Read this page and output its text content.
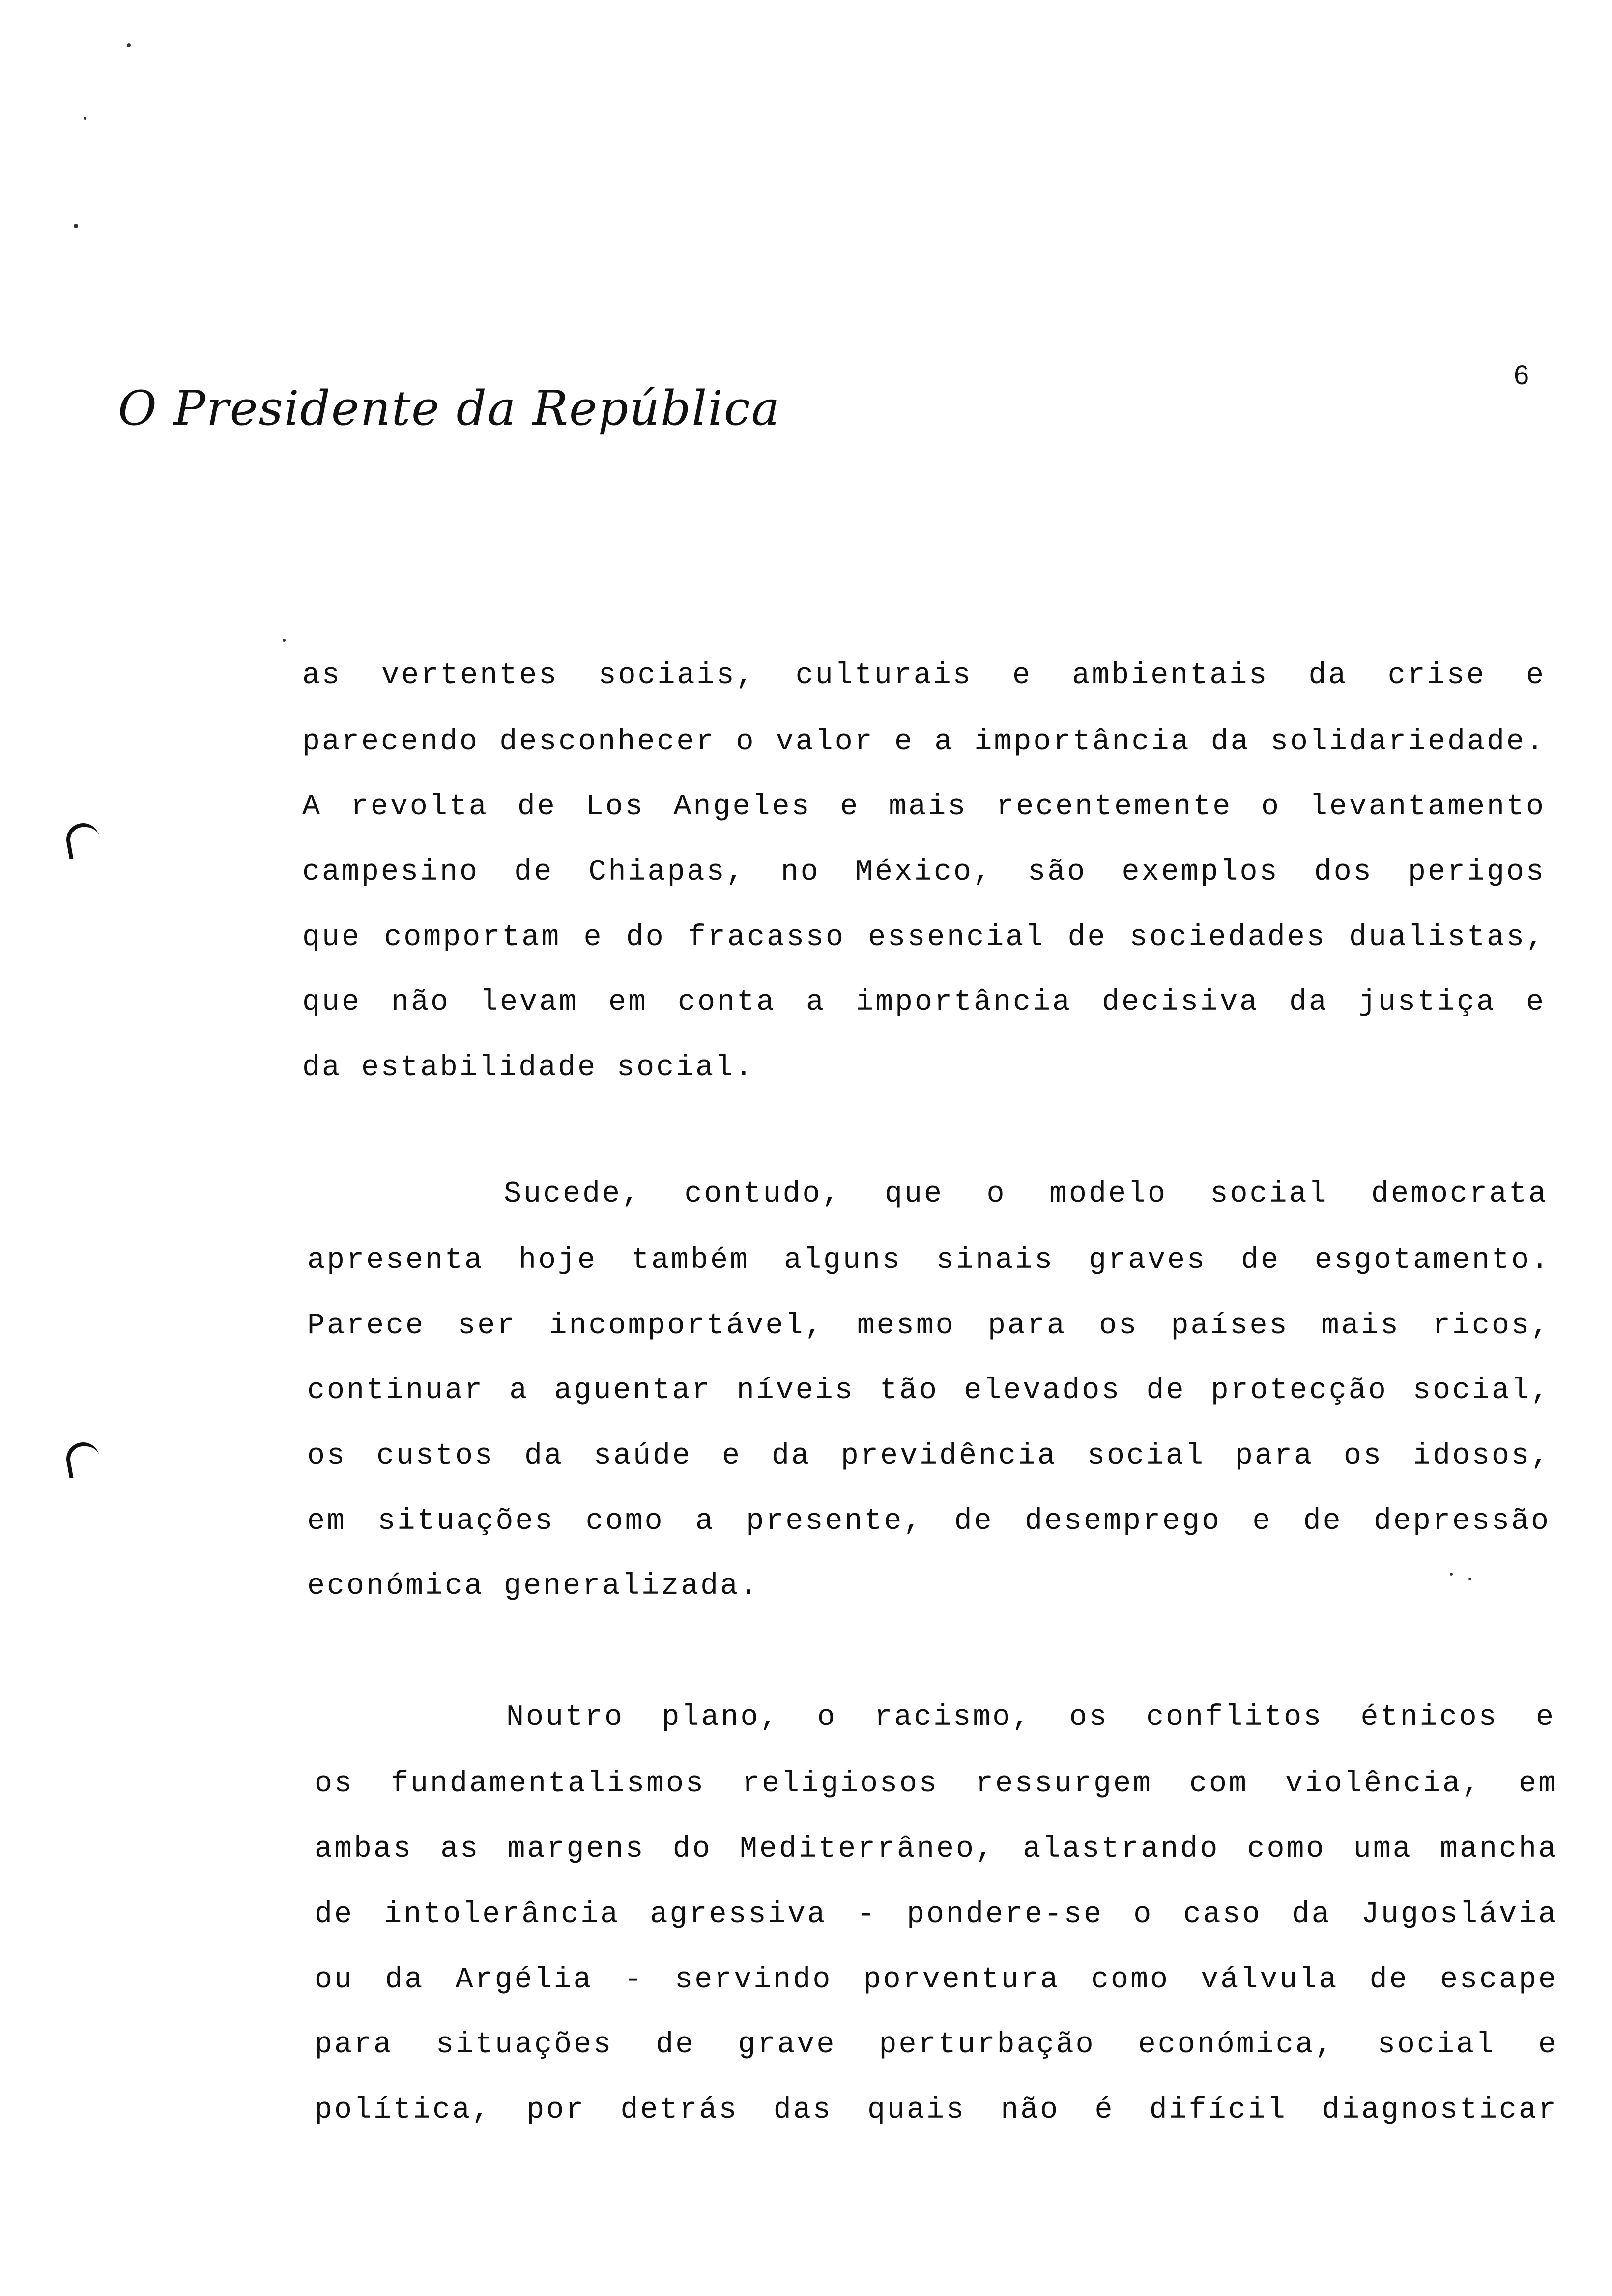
O Presidente da República
6
as vertentes sociais, culturais e ambientais da crise e
parecendo desconhecer o valor e a importância da solidariedade.
A revolta de Los Angeles e mais recentemente o levantamento
campesino de Chiapas, no México, são exemplos dos perigos
que comportam e do fracasso essencial de sociedades dualistas,
que não levam em conta a importância decisiva da justiça e
da estabilidade social.
Sucede, contudo, que o modelo social democrata
apresenta hoje também alguns sinais graves de esgotamento.
Parece ser incomportável, mesmo para os países mais ricos,
continuar a aguentar níveis tão elevados de protecção social,
os custos da saúde e da previdência social para os idosos,
em situações como a presente, de desemprego e de depressão
económica generalizada.
Noutro plano, o racismo, os conflitos étnicos e
os fundamentalismos religiosos ressurgem com violência, em
ambas as margens do Mediterrâneo, alastrando como uma mancha
de intolerância agressiva - pondere-se o caso da Jugoslávia
ou da Argélia - servindo porventura como válvula de escape
para situações de grave perturbação económica, social e
política, por detrás das quais não é difícil diagnosticar
